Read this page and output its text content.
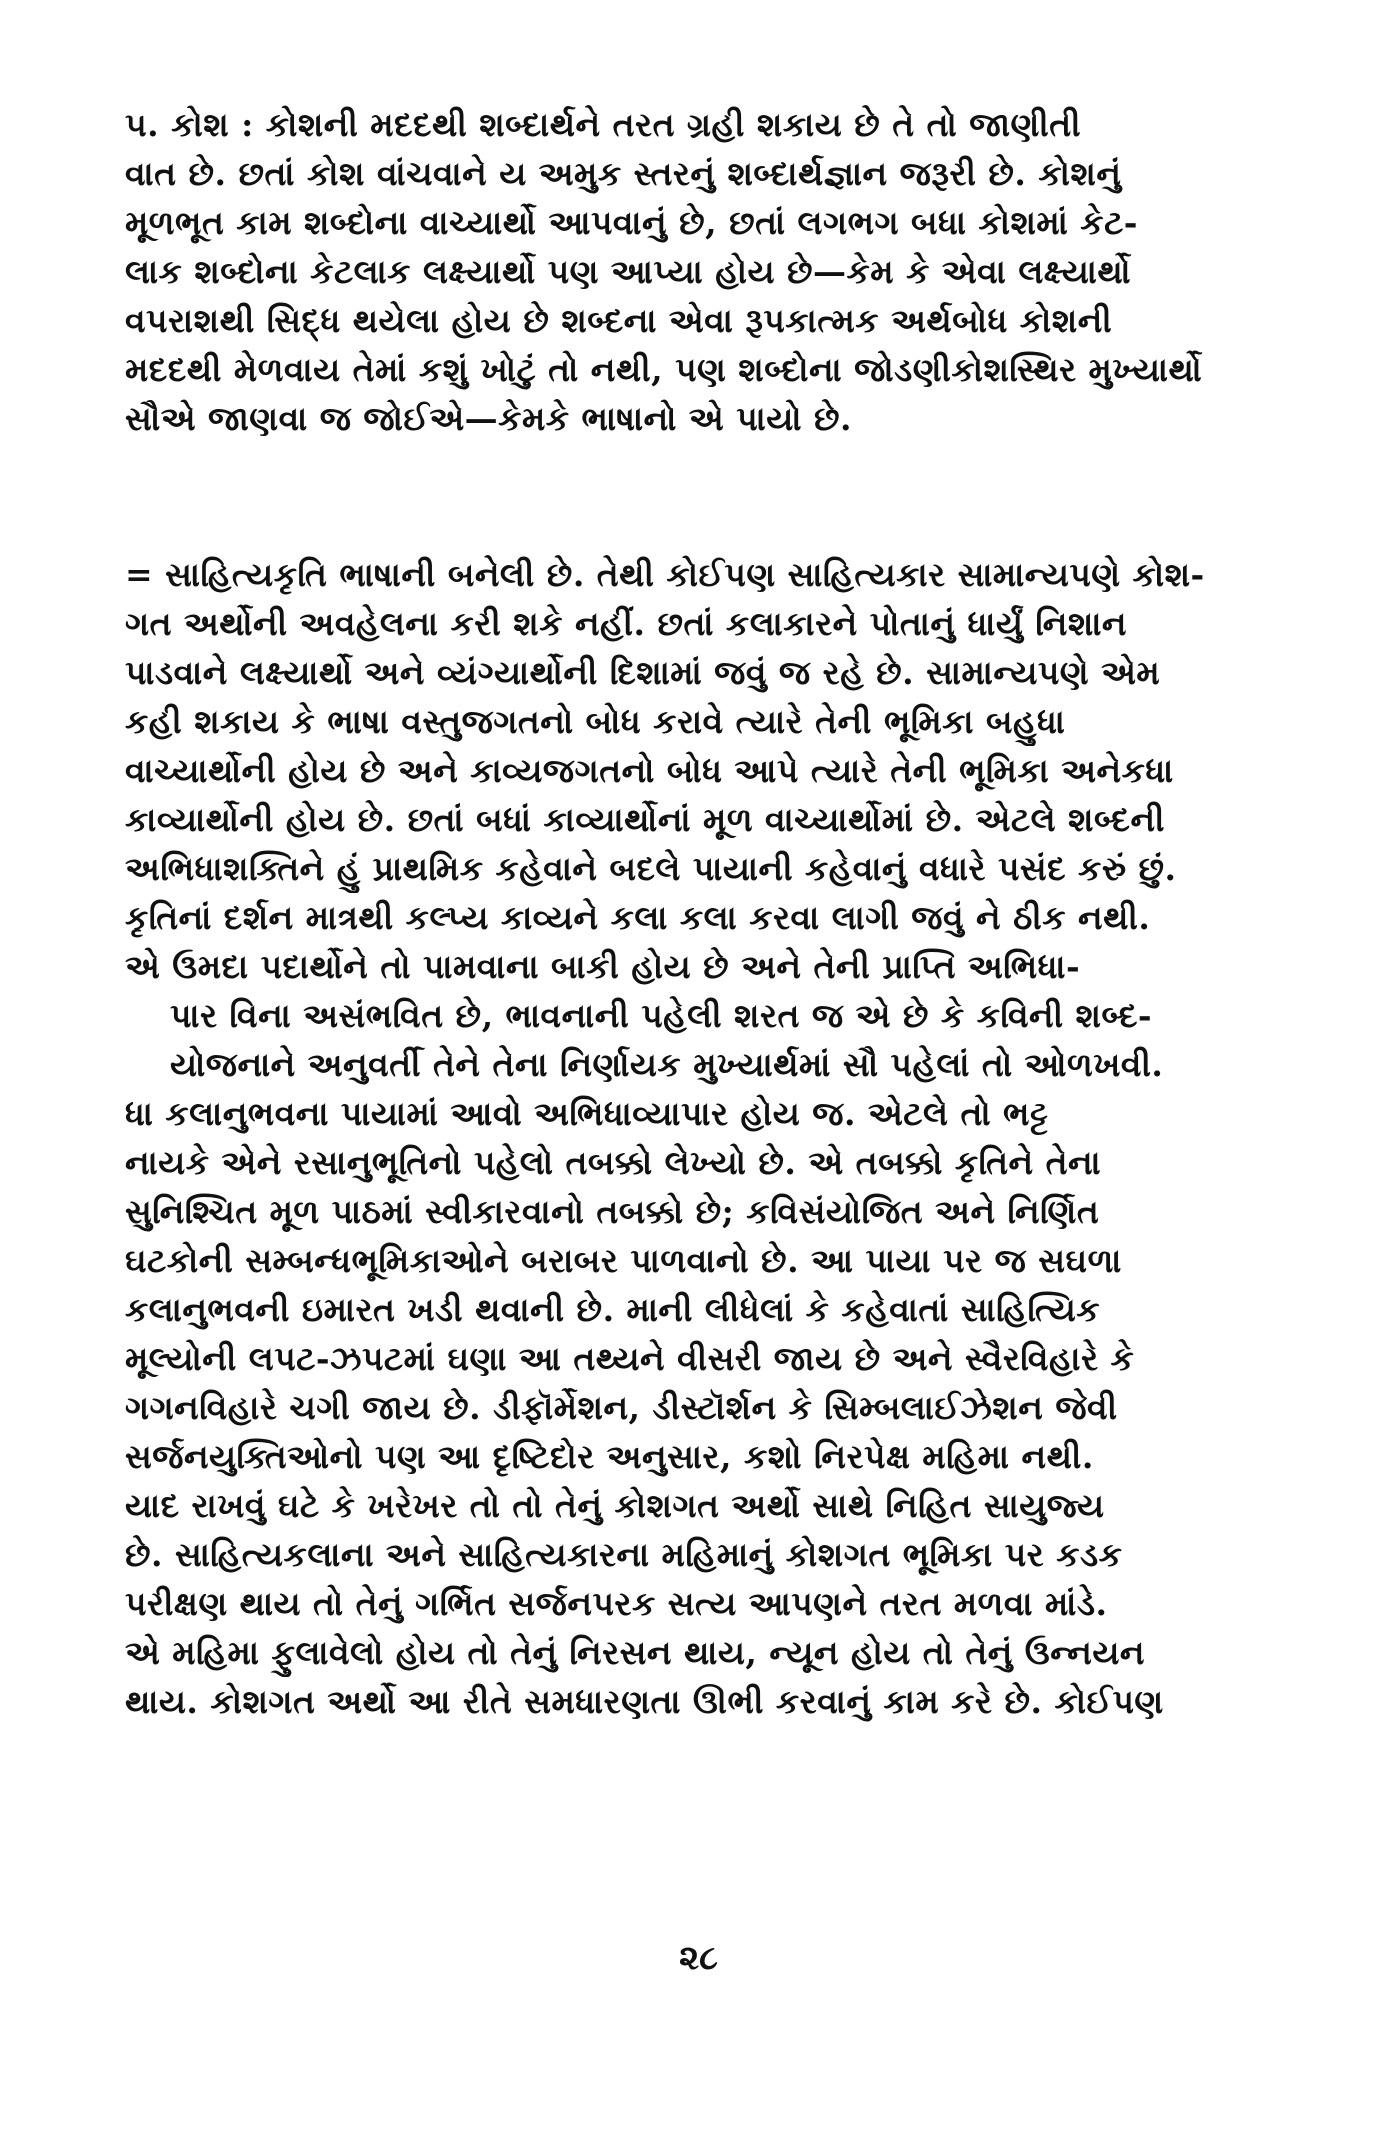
૫. કોશ : કોશની મદદથી શબ્દાર્થને તરત ગ્રહી શકાય છે તે તો જાણીતી
વાત છે. છતાં કોશ વાંચવાને ય અમુક સ્તરનું શબ્દાર્થજ્ઞાન જરૂરી છે. કોશનું
મૂળભૂત કામ શબ્દોના વાચ્યાર્થો આપવાનું છે, છતાં લગભગ બધા કોશમાં કેટ-
લાક શબ્દોના કેટલાક લક્ષ્યાર્થો પણ આપ્યા હોય છે—કેમ કે એવા લક્ષ્યાર્થો
વપરાશથી સિદ્ધ થયેલા હોય છે શબ્દના એવા રૂપકાત્મક અર્થબોધ કોશની
મદદથી મેળવાય તેમાં કશું ખોટું તો નથી, પણ શબ્દોના જોડણીકોશસ્થિર મુખ્યાર્થો
સૌએ જાણવા જ જોઈએ—કેમકે ભાષાનો એ પાયો છે.
= સાહિત્યકૃતિ ભાષાની બનેલી છે. તેથી કોઈપણ સાહિત્યકાર સામાન્યપણે કોશ-
ગત અર્થોની અવહેલના કરી શકે નહીં. છતાં કલાકારને પોતાનું ધાર્યું નિશાન
પાડવાને લક્ષ્યાર્થો અને વ્યંગ્યાર્થોની દિશામાં જવું જ રહે છે. સામાન્યપણે એમ
કહી શકાય કે ભાષા વસ્તુજગતનો બોધ કરાવે ત્યારે તેની ભૂમિકા બહુધા
વાચ્યાર્થોની હોય છે અને કાવ્યજગતનો બોધ આપે ત્યારે તેની ભૂમિકા અનેકધા
કાવ્યાર્થોની હોય છે. છતાં બધાં કાવ્યાર્થોનાં મૂળ વાચ્યાર્થોમાં છે. એટલે શબ્દની
અભિધાશક્તિને હું પ્રાથમિક કહેવાને બદલે પાયાની કહેવાનું વધારે પસંદ કરું છું.
કૃતિનાં દર્શન માત્રથી કલ્પ્ય કાવ્યને કલા કલા કરવા લાગી જવું ને ઠીક નથી.
એ ઉમદા પદાર્થોને તો પામવાના બાકી હોય છે અને તેની પ્રાપ્તિ અભિધા-
પાર વિના અસંભવિત છે, ભાવનાની પહેલી શરત જ એ છે કે કવિની શબ્દ-
યોજનાને અનુવર્તી તેને તેના નિર્ણાયક મુખ્યાર્થમાં સૌ પહેલાં તો ઓળખવી.
ધા કલાનુભવના પાયામાં આવો અભિધાવ્યાપાર હોય જ. એટલે તો ભટ્ટ
નાયકે એને રસાનુભૂતિનો પહેલો તબક્કો લેખ્યો છે. એ તબક્કો કૃતિને તેના
સુનિશ્ચિત મૂળ પાઠમાં સ્વીકારવાનો તબક્કો છે; કવિસંયોજિત અને નિર્ણિત
ઘટકોની સમ્બન્ધભૂમિકાઓને બરાબર પાળવાનો છે. આ પાયા પર જ સઘળા
કલાનુભવની ઇમારત ખડી થવાની છે. માની લીધેલાં કે કહેવાતાં સાહિત્યિક
મૂલ્યોની લપટ-ઝપટમાં ઘણા આ તથ્યને વીસરી જાય છે અને સ્વૈરવિહારે કે
ગગનવિહારે ચગી જાય છે. ડીફૉર્મેશન, ડીસ્ટૉર્શન કે સિમ્બલાઈઝેશન જેવી
સર્જનયુક્તિઓનો પણ આ દૃષ્ટિદોર અનુસાર, કશો નિરપેક્ષ મહિમા નથી.
યાદ રાખવું ઘટે કે ખરેખર તો તો તેનું કોશગત અર્થો સાથે નિહિત સાયુજ્ય
છે. સાહિત્યકલાના અને સાહિત્યકારના મહિમાનું કોશગત ભૂમિકા પર કડક
પરીક્ષણ થાય તો તેનું ગર્ભિત સર્જનપરક સત્ય આપણને તરત મળવા માંડે.
એ મહિમા ફુલાવેલો હોય તો તેનું નિરસન થાય, ન્યૂન હોય તો તેનું ઉન્નયન
થાય. કોશગત અર્થો આ રીતે સમધારણતા ઊભી કરવાનું કામ કરે છે. કોઈપણ
૨૮
